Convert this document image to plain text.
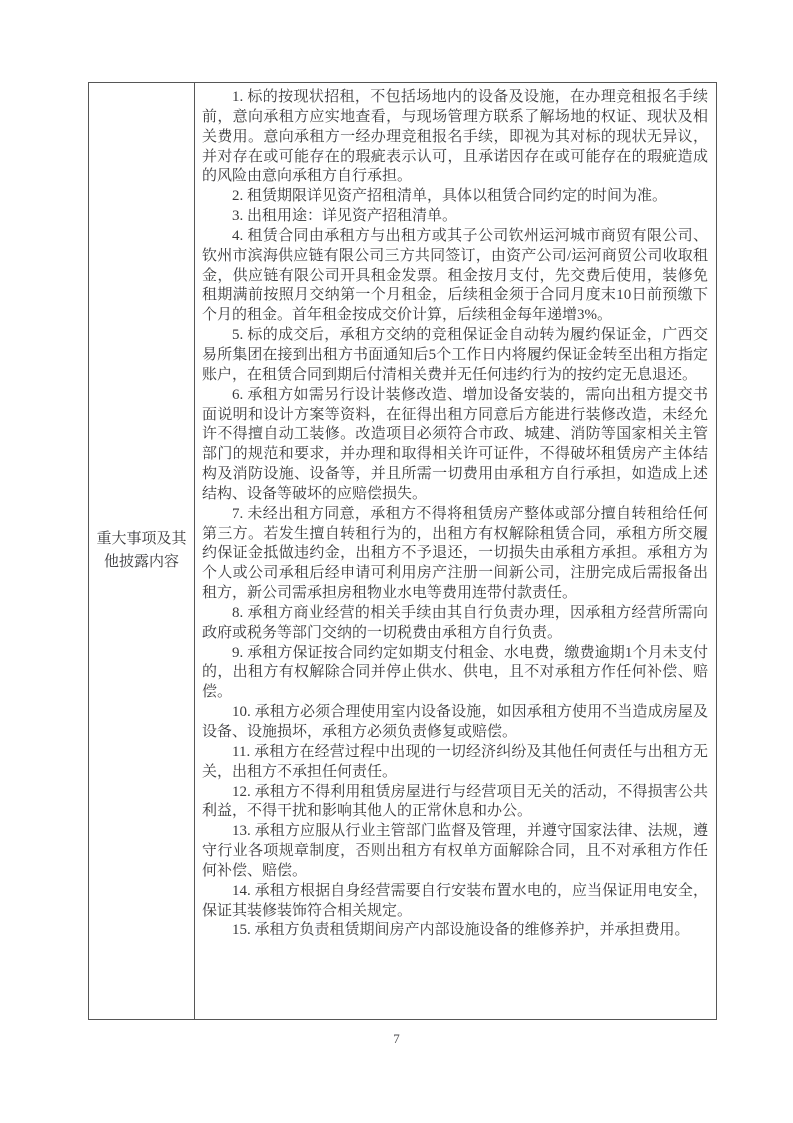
重大事项及其他披露内容

1. 标的按现状招租，不包括场地内的设备及设施，在办理竞租报名手续前，意向承租方应实地查看，与现场管理方联系了解场地的权证、现状及相关费用。意向承租方一经办理竞租报名手续，即视为其对标的现状无异议，并对存在或可能存在的瑕疵表示认可，且承诺因存在或可能存在的瑕疵造成的风险由意向承租方自行承担。

2. 租赁期限详见资产招租清单，具体以租赁合同约定的时间为准。

3. 出租用途：详见资产招租清单。

4. 租赁合同由承租方与出租方或其子公司钦州运河城市商贸有限公司、钦州市滨海供应链有限公司三方共同签订，由资产公司/运河商贸公司收取租金，供应链有限公司开具租金发票。租金按月支付，先交费后使用，装修免租期满前按照月交纳第一个月租金，后续租金须于合同月度末10日前预缴下个月的租金。首年租金按成交价计算，后续租金每年递增3%。

5. 标的成交后，承租方交纳的竞租保证金自动转为履约保证金，广西交易所集团在接到出租方书面通知后5个工作日内将履约保证金转至出租方指定账户，在租赁合同到期后付清相关费并无任何违约行为的按约定无息退还。

6. 承租方如需另行设计装修改造、增加设备安装的，需向出租方提交书面说明和设计方案等资料，在征得出租方同意后方能进行装修改造，未经允许不得擅自动工装修。改造项目必须符合市政、城建、消防等国家相关主管部门的规范和要求，并办理和取得相关许可证件，不得破坏租赁房产主体结构及消防设施、设备等，并且所需一切费用由承租方自行承担，如造成上述结构、设备等破坏的应赔偿损失。

7. 未经出租方同意，承租方不得将租赁房产整体或部分擅自转租给任何第三方。若发生擅自转租行为的，出租方有权解除租赁合同，承租方所交履约保证金抵做违约金，出租方不予退还，一切损失由承租方承担。承租方为个人或公司承租后经申请可利用房产注册一间新公司，注册完成后需报备出租方，新公司需承担房租物业水电等费用连带付款责任。

8. 承租方商业经营的相关手续由其自行负责办理，因承租方经营所需向政府或税务等部门交纳的一切税费由承租方自行负责。

9. 承租方保证按合同约定如期支付租金、水电费，缴费逾期1个月未支付的，出租方有权解除合同并停止供水、供电，且不对承租方作任何补偿、赔偿。

10. 承租方必须合理使用室内设备设施，如因承租方使用不当造成房屋及设备、设施损坏，承租方必须负责修复或赔偿。

11. 承租方在经营过程中出现的一切经济纠纷及其他任何责任与出租方无关，出租方不承担任何责任。

12. 承租方不得利用租赁房屋进行与经营项目无关的活动，不得损害公共利益，不得干扰和影响其他人的正常休息和办公。

13. 承租方应服从行业主管部门监督及管理，并遵守国家法律、法规，遵守行业各项规章制度，否则出租方有权单方面解除合同，且不对承租方作任何补偿、赔偿。

14. 承租方根据自身经营需要自行安装布置水电的，应当保证用电安全，保证其装修装饰符合相关规定。

15. 承租方负责租赁期间房产内部设施设备的维修养护，并承担费用。

7
